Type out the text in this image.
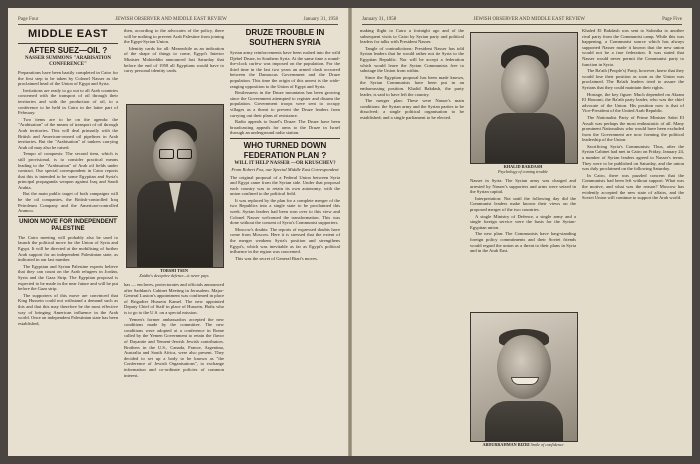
Page Four	JEWISH OBSERVER AND MIDDLE EAST REVIEW	January 31, 1958
MIDDLE EAST
AFTER SUEZ—OIL ?
NASSER SUMMONS "ARABISATION CONFERENCE"

Preparations have been hastily completed in Cairo for the first step to be taken by Colonel Nasser as the proclaimed head of the Union of Egypt and Syria.

Invitations are ready to go out to all Arab countries concerned with the transport of oil through their territories and with the production of oil, to a conference to be held in Cairo in the latter part of February.

Two items are to be on the agenda: the "Arabisation" of the means of transport of oil through Arab territories. This will deal primarily with the British and American-owned oil pipelines in Arab territories. But the "Arabisation" of tankers carrying Arab oil may also be raised.

Tempo of conquests: The second item, which is still provisional, is to consider practical means leading to the "Arabisation" of Arab oil fields under contract. Our special correspondent in Cairo reports that this is intended to be some Egyptian and Syria's principal propaganda weapon against Iraq and Saudi Arabia.

But the main public target of both campaigns will be the oil companies, the British-controlled Iraq Petroleum Company and the American-controlled Aramco.

UNION MOVE FOR INDEPENDENT PALESTINE

The Cairo meeting will probably also be used to launch the political move for the Union of Syria and Egypt. It will be directed at the mobilising of further Arab support for an independent Palestinian state, as indicated in our last number.

The Egyptian and Syrian Palestine experts believe that they can count on the Arab refugees in Jordan, Syria and the Gaza Strip. The Egyptian proposal is expected to be made in the near future and will be put before the Gaza strip.

The supporters of this move are convinced that King Hussein could not withstand a demand such as this and that this may therefore be the most effective way of bringing American influence in the Arab world. Once an independent Palestinian state has been established,

then, according to the advocates of the policy, there will be nothing to prevent Arab Palestine from joining the Egypt-Syrian Union.

Identity cards for all: Meanwhile as an indication of the shape of things to come, Egypt's Interior Minister Mohieddin announced last Saturday that before the end of 1958 all Egyptians would have to carry personal identity cards.

TORSHI TSEN
Zaidin's deceptive defence—it never pays

has — enclaves, protectorates and officials announced after Saddam's Cabinet Meeting in Jerusalem. Major-General Luxton's appointment was confirmed in place of Brigadier Hussein Kamel. The new appointed Deputy Chief of Staff in place of Hussein, Hafiz who is to go to the U.S. on a special mission.

Yemen's former ambassadors accepted the new conditions made by the committee. The new conditions were adopted at a conference in Rome called by the Yemen Government to retain the flavor of Dayanite and Yemeni-Jewish Jewish contributors. Brothers in the U.S., Canada, France, Argentina, Australia and South Africa, were also present. They decided to set up a body to be known as "the Conference of Jewish Organisations", to exchange information and co-ordinate policies of common interest.

DRUZE TROUBLE IN SOUTHERN SYRIA

Syrian army reinforcements have been rushed into the wild Djebel Druze, in Southern Syria. At the same time a round-the-clock curfew was imposed on the population. For the third time in the last two years an armed clash occurred between the Damascus Government and the Druze population. This time the origin of this unrest is the wide-ranging opposition to the Union of Egypt and Syria.

Restlessness in the Druze mountains has been growing since the Government attempted to register and disarm the population. Government troops were sent to occupy villages as a threat to prevent the Druze leaders from carrying out their plans of resistance.

Radio appeals to Israel's Druze: The Druze have been broadcasting appeals for arms to the Druze in Israel through an underground radio station.

WHO TURNED DOWN FEDERATION PLAN ?
WILL IT HELP NASSER —OR KRUSCHEV?
From Robert Fox, our Special Middle East Correspondent

The original proposal of a Federal Union between Syria and Egypt came from the Syrian side. Under that proposal each country was to retain its own autonomy, with the union confined to the political field.

It was replaced by the plan for a complete merger of the two Republics into a single state to be proclaimed this week. Syrian leaders had been won over to this view and Colonel Nasser welcomed the transformation. This was done without the consent of Syria's Communist supporters.

Moscow's doubts: The reports of expressed doubts have come from Moscow. Here it is stressed that the extent of the merger weakens Syria's position and strengthens Egypt's, which was inevitable as far as Egypt's political influence in the region was concerned.

This was the secret of General Bizri's moves.

January 31, 1958	JEWISH OBSERVER AND MIDDLE EAST REVIEW	Page Five

making flight to Cairo a fortnight ago and of the subsequent visits to Cairo by Syrian party and political leaders for talks with President Nasser.

Tangle of contradictions: President Nasser has told Syrian leaders that he would rather not tie Syria to the Egyptian Republic. Nor will he accept a federation which would leave the Syrian Communists free to sabotage the Union from within.

Since the Egyptian proposal has been made known, the Syrian Communists have been put in an embarrassing position. Khalid Bakdash, the party leader, is said to have left the country.

The merger plan: These were Nasser's main conditions: the Syrian army and the Syrian parties to be dissolved; a single political organisation to be established; and a single parliament to be elected.

KHALID BAKDASH
Psychology of coming trouble

Nasser in Syria: The Syrian army was charged and arrested by Nasser's supporters and arms were seized in the Syrian capital.

Interpretation: Not until the following day did the Communist leaders make known their views on the proposed merger of the two countries.

A single Ministry of Defence, a single army and a single foreign service were the basis for the Syrian-Egyptian union.

The new plan: The Communists have long-standing foreign policy commitments and their Soviet friends would regard the union as a threat to their plans in Syria and in the Arab East.

ABDURRAHMAN BIZRI Smile of confidence

Khaled El Bakdash was sent to Salonika to another rival party from the Communist camp. While this was happening, a Communist source which has always supported Nasser made it known that the new union would not be a true federation. It was stated that Nasser would never permit the Communist party to function in Syria.

The Ba'ath (People's) Party, however, knew that they would lose their position as soon as the Union was proclaimed. The Ba'ath leaders tried to assure the Syrians that they could maintain their rights.

Hostage, the key figure: Much depended on Akram El Hourani, the Ba'ath party leader, who was the chief advocate of the Union. His position now is that of Vice-President of the United Arab Republic.

The Nationalist Party of Prime Minister Sabri El Assali was perhaps the most enthusiastic of all. Many prominent Nationalists who would have been excluded from the Government are now forming the political leadership of the Union.

Sacrificing Syria's Communists: Thus, after the Syrian Cabinet had met in Cairo on Friday, January 24, a number of Syrian leaders agreed to Nasser's terms. They were to be published on Saturday, and the union was duly proclaimed on the following Saturday.

In Cairo, there was puzzled concern that the Communists had been left without support. What was the motive, and what was the reason? Moscow has evidently accepted the new state of affairs, and the Soviet Union will continue to support the Arab world.
